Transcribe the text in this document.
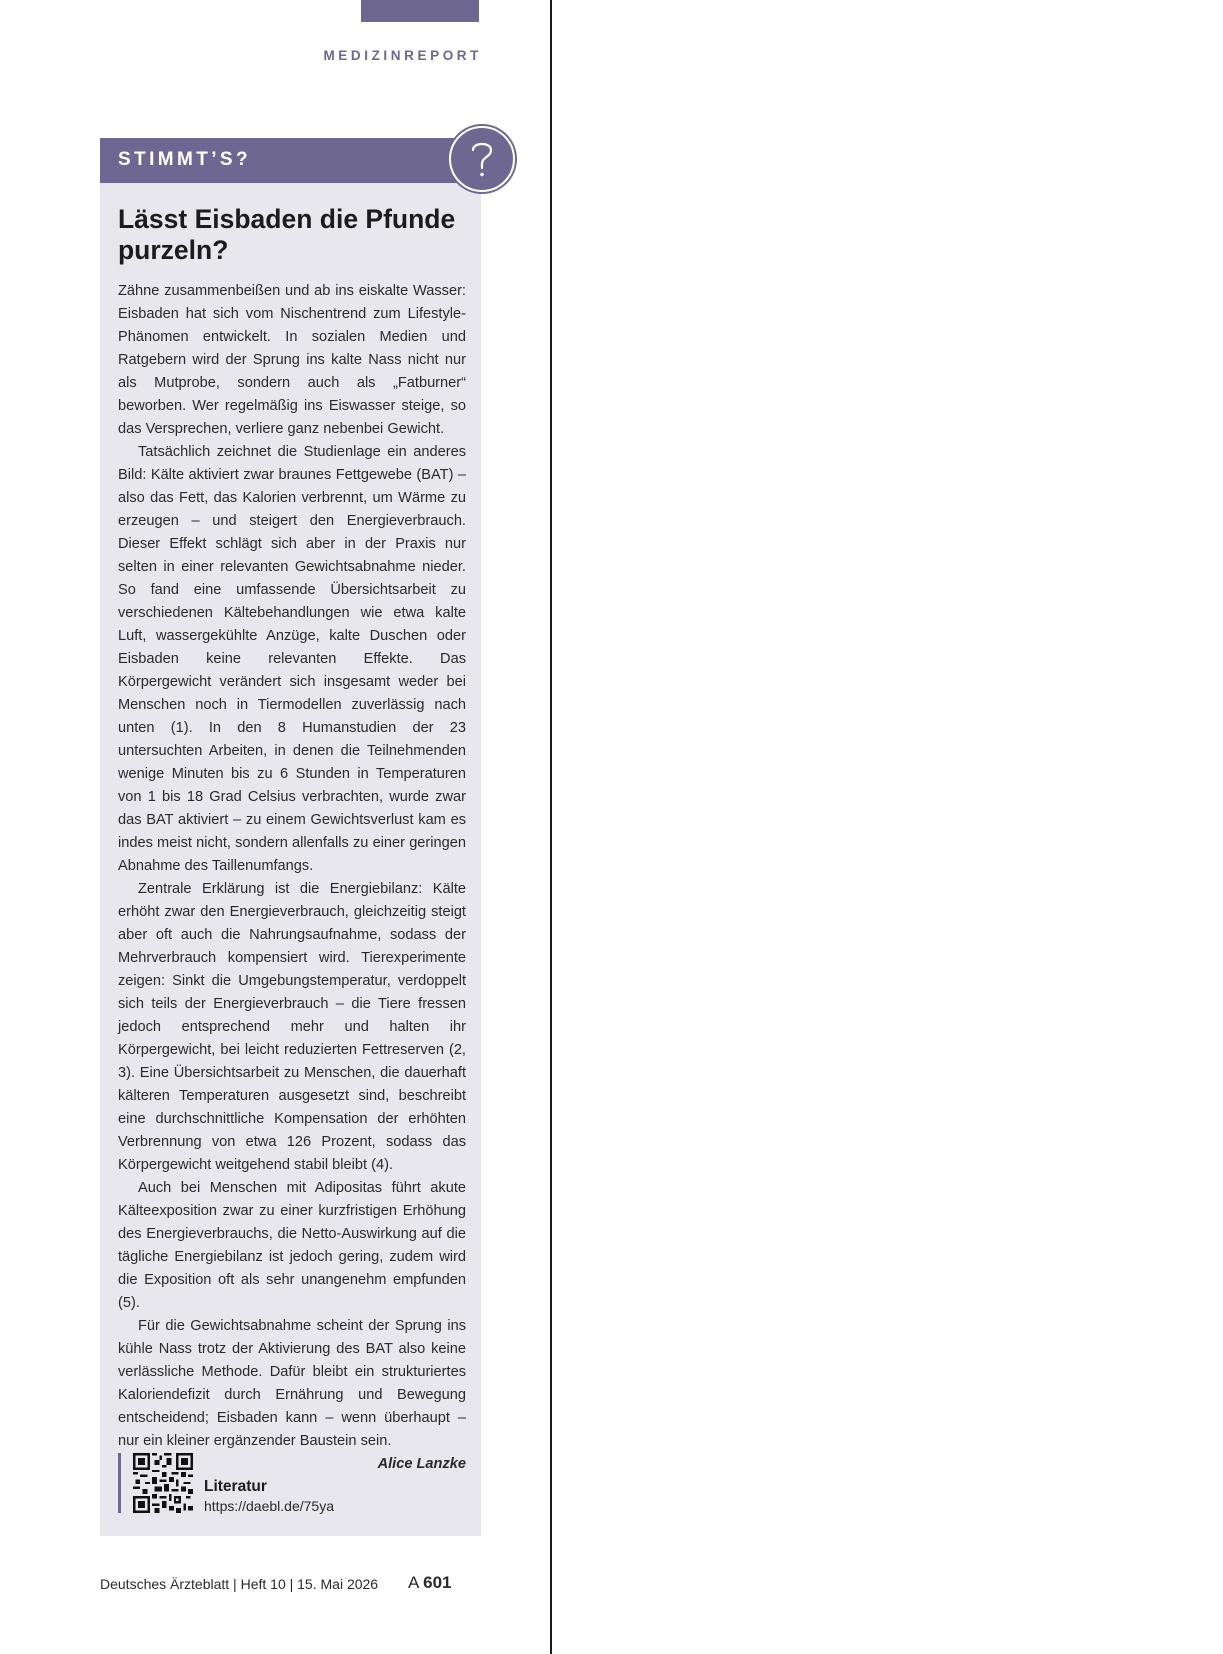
MEDIZINREPORT
STIMMT’S?
Lässt Eisbaden die Pfunde purzeln?

Zähne zusammenbeißen und ab ins eiskalte Wasser: Eisbaden hat sich vom Nischentrend zum Lifestyle-Phänomen entwickelt. In sozialen Medien und Ratgebern wird der Sprung ins kalte Nass nicht nur als Mutprobe, sondern auch als „Fatburner“ beworben. Wer regelmäßig ins Eiswasser steige, so das Versprechen, verliere ganz nebenbei Gewicht.

Tatsächlich zeichnet die Studienlage ein anderes Bild: Kälte aktiviert zwar braunes Fettgewebe (BAT) – also das Fett, das Kalorien verbrennt, um Wärme zu erzeugen – und steigert den Energieverbrauch. Dieser Effekt schlägt sich aber in der Praxis nur selten in einer relevanten Gewichtsabnahme nieder. So fand eine umfassende Übersichtsarbeit zu verschiedenen Kältebehandlungen wie etwa kalte Luft, wassergekühlte Anzüge, kalte Duschen oder Eisbaden keine relevanten Effekte. Das Körpergewicht verändert sich insgesamt weder bei Menschen noch in Tiermodellen zuverlässig nach unten (1). In den 8 Humanstudien der 23 untersuchten Arbeiten, in denen die Teilnehmenden wenige Minuten bis zu 6 Stunden in Temperaturen von 1 bis 18 Grad Celsius verbrachten, wurde zwar das BAT aktiviert – zu einem Gewichtsverlust kam es indes meist nicht, sondern allenfalls zu einer geringen Abnahme des Taillenumfangs.

Zentrale Erklärung ist die Energiebilanz: Kälte erhöht zwar den Energieverbrauch, gleichzeitig steigt aber oft auch die Nahrungsaufnahme, sodass der Mehrverbrauch kompensiert wird. Tierexperimente zeigen: Sinkt die Umgebungstemperatur, verdoppelt sich teils der Energieverbrauch – die Tiere fressen jedoch entsprechend mehr und halten ihr Körpergewicht, bei leicht reduzierten Fettreserven (2, 3). Eine Übersichtsarbeit zu Menschen, die dauerhaft kälteren Temperaturen ausgesetzt sind, beschreibt eine durchschnittliche Kompensation der erhöhten Verbrennung von etwa 126 Prozent, sodass das Körpergewicht weitgehend stabil bleibt (4).

Auch bei Menschen mit Adipositas führt akute Kälteexposition zwar zu einer kurzfristigen Erhöhung des Energieverbrauchs, die Netto-Auswirkung auf die tägliche Energiebilanz ist jedoch gering, zudem wird die Exposition oft als sehr unangenehm empfunden (5).

Für die Gewichtsabnahme scheint der Sprung ins kühle Nass trotz der Aktivierung des BAT also keine verlässliche Methode. Dafür bleibt ein strukturiertes Kaloriendefizit durch Ernährung und Bewegung entscheidend; Eisbaden kann – wenn überhaupt – nur ein kleiner ergänzender Baustein sein.
Alice Lanzke

Literatur
https://daebl.de/75ya
Deutsches Ärzteblatt | Heft 10 | 15. Mai 2026 A 601
